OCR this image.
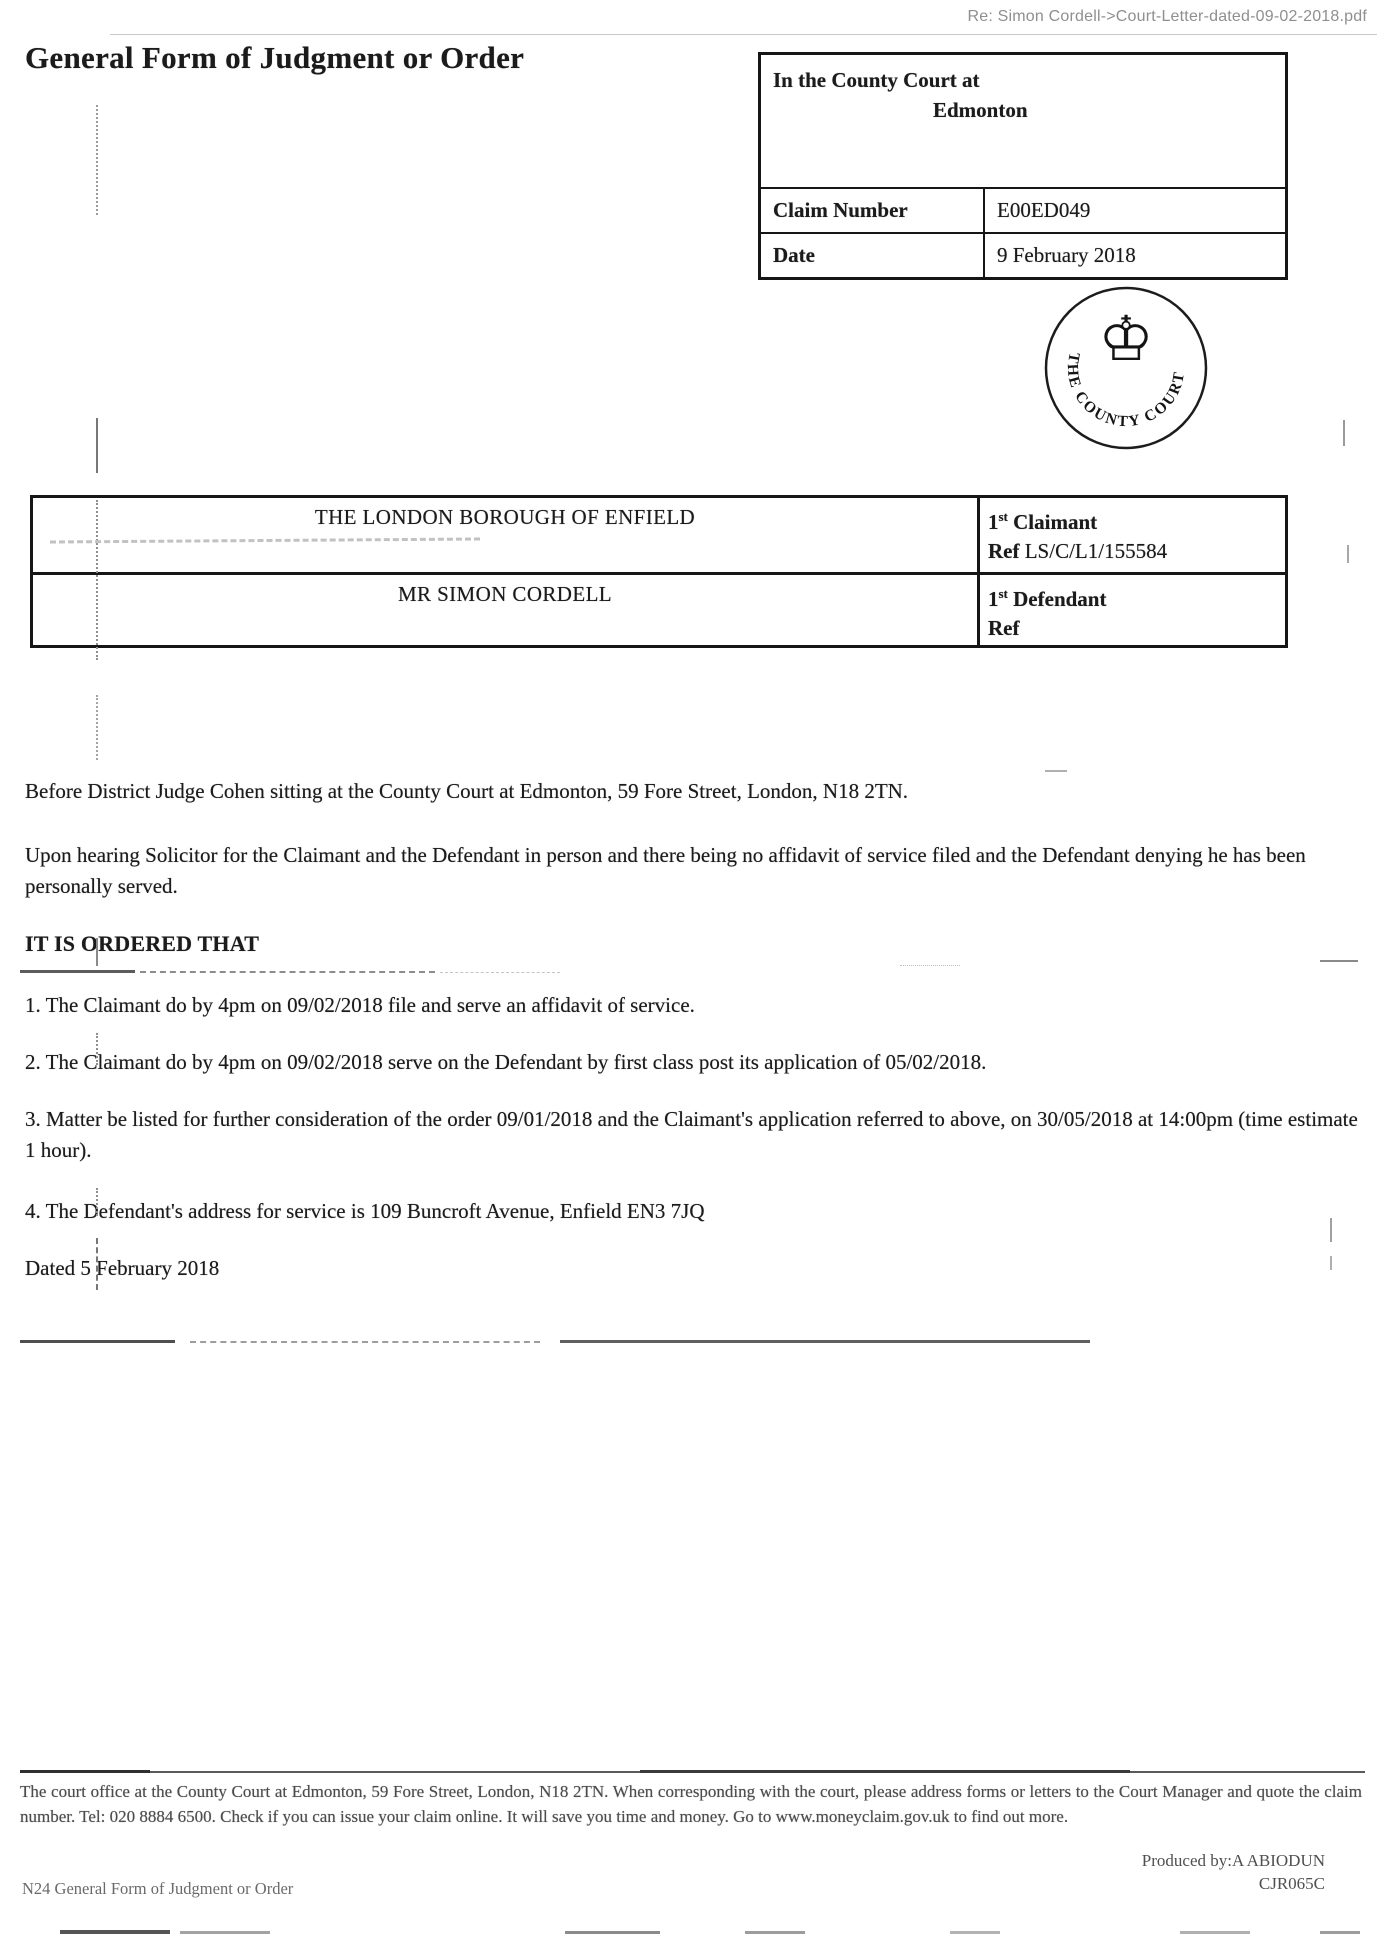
Re: Simon Cordell->Court-Letter-dated-09-02-2018.pdf
General Form of Judgment or Order
In the County Court at
Edmonton
Claim Number	E00ED049
Date	9 February 2018
♔
THE COUNTY COURT
THE LONDON BOROUGH OF ENFIELD	1st Claimant
Ref LS/C/L1/155584
MR SIMON CORDELL	1st Defendant
Ref
Before District Judge Cohen sitting at the County Court at Edmonton, 59 Fore Street, London, N18 2TN.
Upon hearing Solicitor for the Claimant and the Defendant in person and there being no affidavit of service filed and the Defendant denying he has been personally served.
IT IS ORDERED THAT
1. The Claimant do by 4pm on 09/02/2018 file and serve an affidavit of service.
2. The Claimant do by 4pm on 09/02/2018 serve on the Defendant by first class post its application of 05/02/2018.
3. Matter be listed for further consideration of the order 09/01/2018 and the Claimant's application referred to above, on 30/05/2018 at 14:00pm (time estimate 1 hour).
4. The Defendant's address for service is 109 Buncroft Avenue, Enfield EN3 7JQ
Dated 5 February 2018
The court office at the County Court at Edmonton, 59 Fore Street, London, N18 2TN. When corresponding with the court, please address forms or letters to the Court Manager and quote the claim number. Tel: 020 8884 6500. Check if you can issue your claim online. It will save you time and money. Go to www.moneyclaim.gov.uk to find out more.
Produced by:A ABIODUN
CJR065C
N24 General Form of Judgment or Order
